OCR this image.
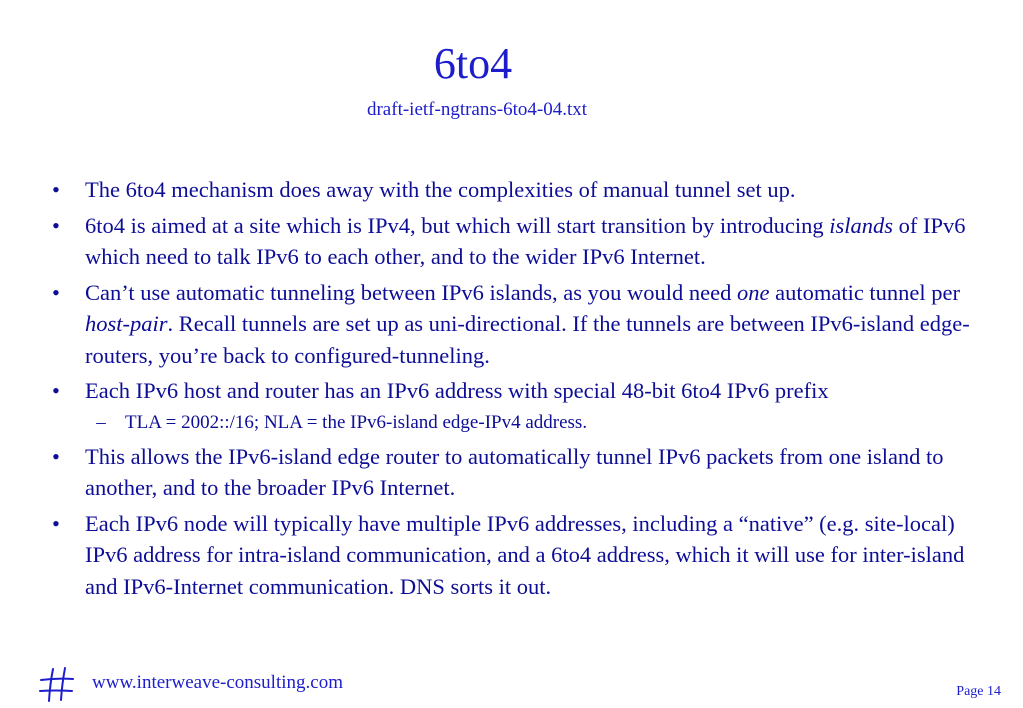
6to4
draft-ietf-ngtrans-6to4-04.txt
• The 6to4 mechanism does away with the complexities of manual tunnel set up.
• 6to4 is aimed at a site which is IPv4, but which will start transition by introducing islands of IPv6 which need to talk IPv6 to each other, and to the wider IPv6 Internet.
• Can’t use automatic tunneling between IPv6 islands, as you would need one automatic tunnel per host-pair. Recall tunnels are set up as uni-directional. If the tunnels are between IPv6-island edge-routers, you’re back to configured-tunneling.
• Each IPv6 host and router has an IPv6 address with special 48-bit 6to4 IPv6 prefix
– TLA = 2002::/16; NLA = the IPv6-island edge-IPv4 address.
• This allows the IPv6-island edge router to automatically tunnel IPv6 packets from one island to another, and to the broader IPv6 Internet.
• Each IPv6 node will typically have multiple IPv6 addresses, including a “native” (e.g. site-local) IPv6 address for intra-island communication, and a 6to4 address, which it will use for inter-island and IPv6-Internet communication. DNS sorts it out.
www.interweave-consulting.com	Page 14
